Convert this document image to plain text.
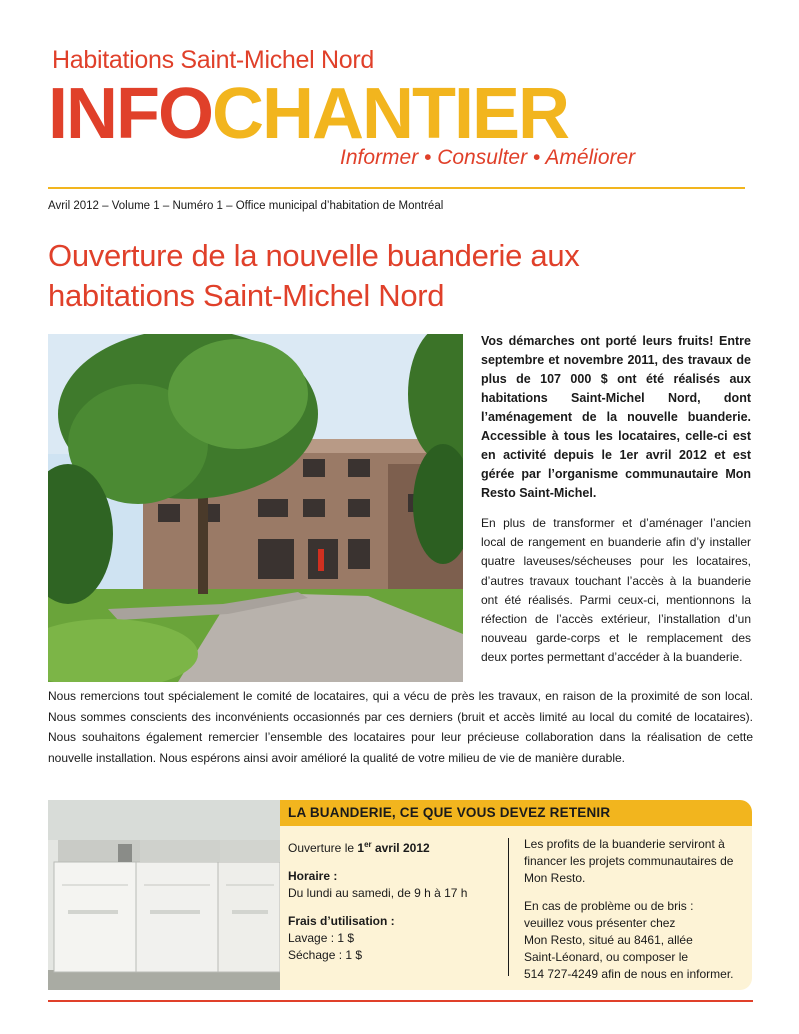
Habitations Saint-Michel Nord
INFOCHANTIER
Informer • Consulter • Améliorer
Avril 2012 – Volume 1 – Numéro 1 – Office municipal d’habitation de Montréal
Ouverture de la nouvelle buanderie aux
habitations Saint-Michel Nord
Vos démarches ont porté leurs fruits! Entre septembre et novembre 2011, des travaux de plus de 107 000 $ ont été réalisés aux habitations Saint-Michel Nord, dont l’aménagement de la nouvelle buanderie. Accessible à tous les locataires, celle-ci est en activité depuis le 1er avril 2012 et est gérée par l’organisme communautaire Mon Resto Saint-Michel.
En plus de transformer et d’aménager l’ancien local de rangement en buanderie afin d’y installer quatre laveuses/sécheuses pour les locataires, d’autres travaux touchant l’accès à la buanderie ont été réalisés. Parmi ceux-ci, mentionnons la réfection de l’accès extérieur, l’installation d’un nouveau garde-corps et le remplacement des deux portes permettant d’accéder à la buanderie.
Nous remercions tout spécialement le comité de locataires, qui a vécu de près les travaux, en raison de la proximité de son local. Nous sommes conscients des inconvénients occasionnés par ces derniers (bruit et accès limité au local du comité de locataires). Nous souhaitons également remercier l’ensemble des locataires pour leur précieuse collaboration dans la réalisation de cette nouvelle installation. Nous espérons ainsi avoir amélioré la qualité de votre milieu de vie de manière durable.
LA BUANDERIE, CE QUE VOUS DEVEZ RETENIR

Ouverture le 1er avril 2012

Horaire :
Du lundi au samedi, de 9 h à 17 h
Frais d’utilisation :
Lavage : 1 $
Séchage : 1 $

Les profits de la buanderie serviront à financer les projets communautaires de Mon Resto.

En cas de problème ou de bris :
veuillez vous présenter chez
Mon Resto, situé au 8461, allée
Saint-Léonard, ou composer le
514 727-4249 afin de nous en informer.
